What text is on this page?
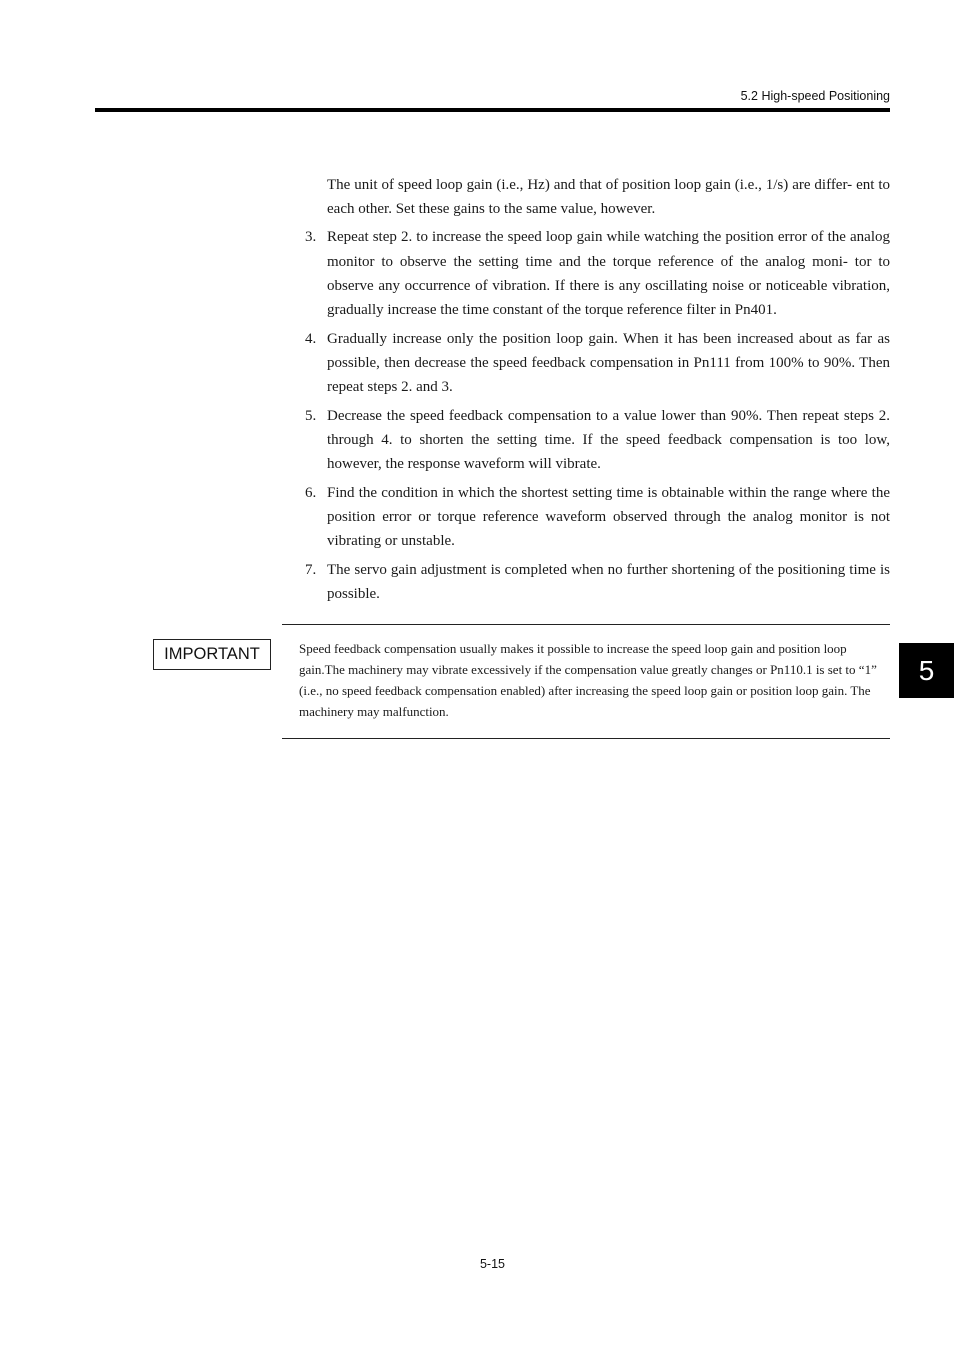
5.2 High-speed Positioning

The unit of speed loop gain (i.e., Hz) and that of position loop gain (i.e., 1/s) are differ- ent to each other. Set these gains to the same value, however.

3. Repeat step 2. to increase the speed loop gain while watching the position error of the analog monitor to observe the setting time and the torque reference of the analog moni- tor to observe any occurrence of vibration. If there is any oscillating noise or noticeable vibration, gradually increase the time constant of the torque reference filter in Pn401.
4. Gradually increase only the position loop gain. When it has been increased about as far as possible, then decrease the speed feedback compensation in Pn111 from 100% to 90%. Then repeat steps 2. and 3.
5. Decrease the speed feedback compensation to a value lower than 90%. Then repeat steps 2. through 4. to shorten the setting time. If the speed feedback compensation is too low, however, the response waveform will vibrate.
6. Find the condition in which the shortest setting time is obtainable within the range where the position error or torque reference waveform observed through the analog monitor is not vibrating or unstable.
7. The servo gain adjustment is completed when no further shortening of the positioning time is possible.
IMPORTANT	Speed feedback compensation usually makes it possible to increase the speed loop gain and position loop gain.The machinery may vibrate excessively if the compensation value greatly changes or Pn110.1 is set to “1” (i.e., no speed feedback compensation enabled) after increasing the speed loop gain or position loop gain. The machinery may malfunction.

5
5-15
